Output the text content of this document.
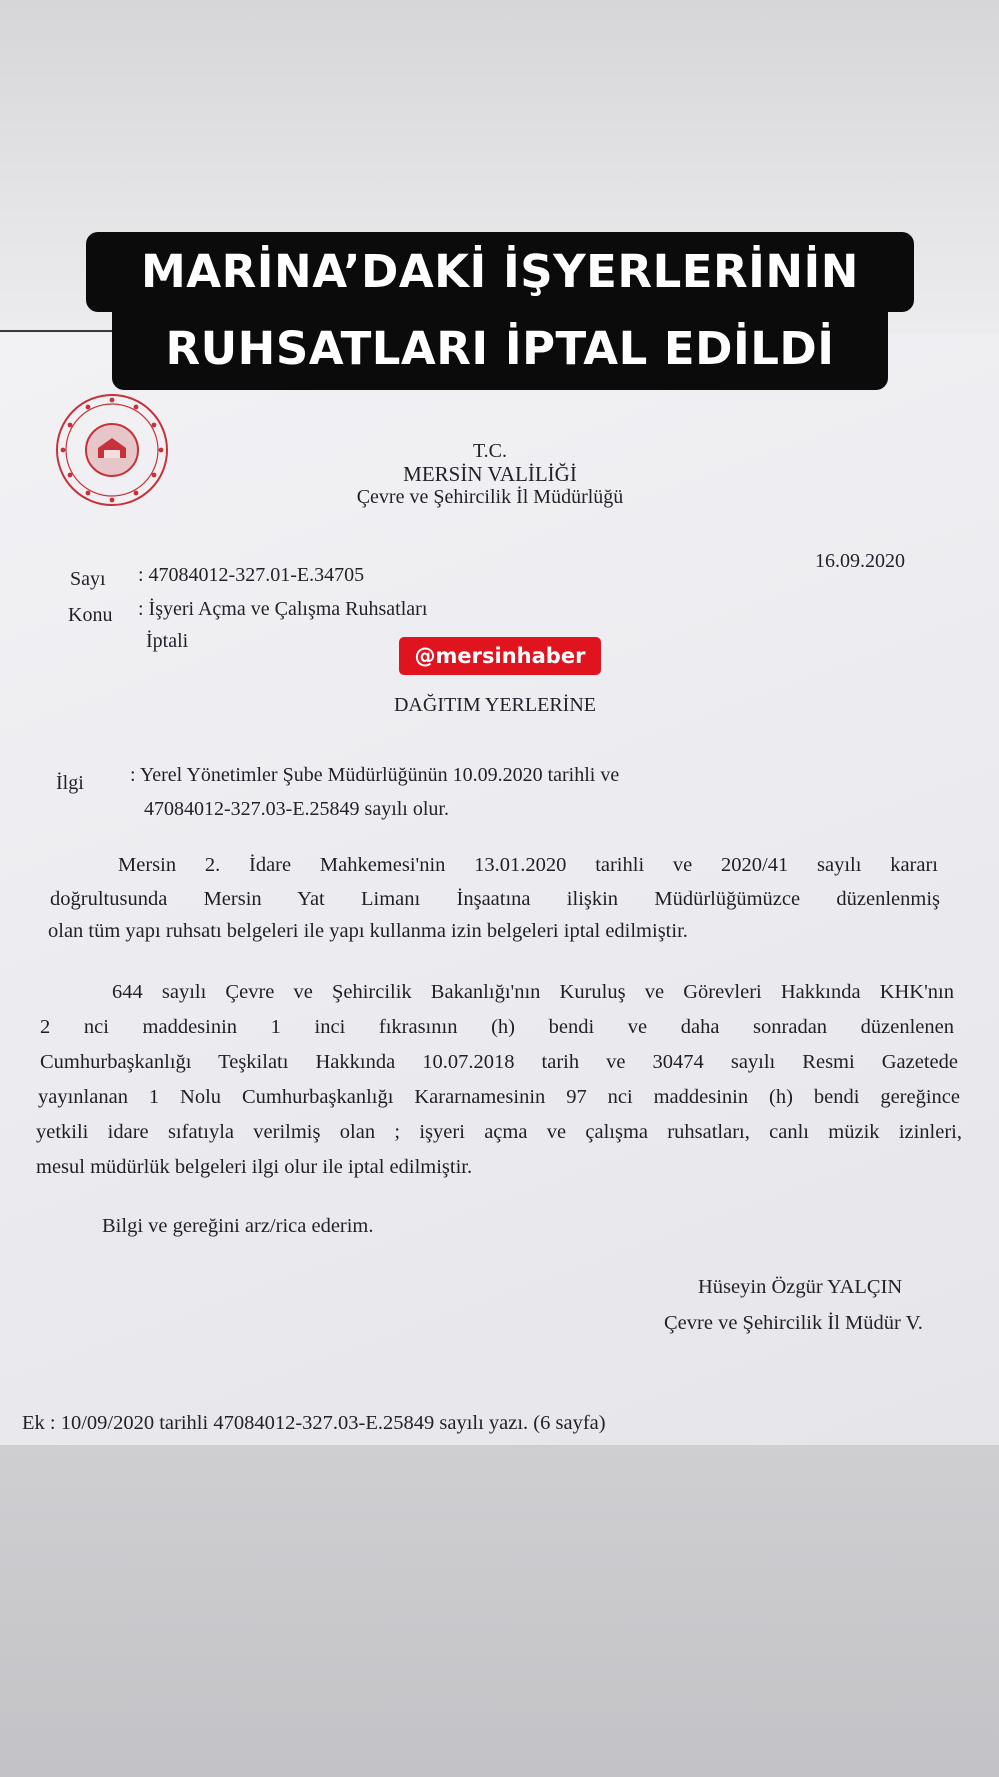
MARİNA’DAKİ İŞYERLERİNİN
RUHSATLARI İPTAL EDİLDİ
T.C.
MERSİN VALİLİĞİ
Çevre ve Şehircilik İl Müdürlüğü
16.09.2020
Sayı : 47084012-327.01-E.34705
Konu : İşyeri Açma ve Çalışma Ruhsatları
İptali
@mersinhaber
DAĞITIM YERLERİNE
İlgi : Yerel Yönetimler Şube Müdürlüğünün 10.09.2020 tarihli ve
47084012-327.03-E.25849 sayılı olur.
Mersin 2. İdare Mahkemesi'nin 13.01.2020 tarihli ve 2020/41 sayılı kararı
doğrultusunda Mersin Yat Limanı İnşaatına ilişkin Müdürlüğümüzce düzenlenmiş
olan tüm yapı ruhsatı belgeleri ile yapı kullanma izin belgeleri iptal edilmiştir.
644 sayılı Çevre ve Şehircilik Bakanlığı'nın Kuruluş ve Görevleri Hakkında KHK'nın
2 nci maddesinin 1 inci fıkrasının (h) bendi ve daha sonradan düzenlenen
Cumhurbaşkanlığı Teşkilatı Hakkında 10.07.2018 tarih ve 30474 sayılı Resmi Gazetede
yayınlanan 1 Nolu Cumhurbaşkanlığı Kararnamesinin 97 nci maddesinin (h) bendi gereğince
yetkili idare sıfatıyla verilmiş olan ; işyeri açma ve çalışma ruhsatları, canlı müzik izinleri,
mesul müdürlük belgeleri ilgi olur ile iptal edilmiştir.
Bilgi ve gereğini arz/rica ederim.
Hüseyin Özgür YALÇIN
Çevre ve Şehircilik İl Müdür V.
Ek : 10/09/2020 tarihli 47084012-327.03-E.25849 sayılı yazı. (6 sayfa)
